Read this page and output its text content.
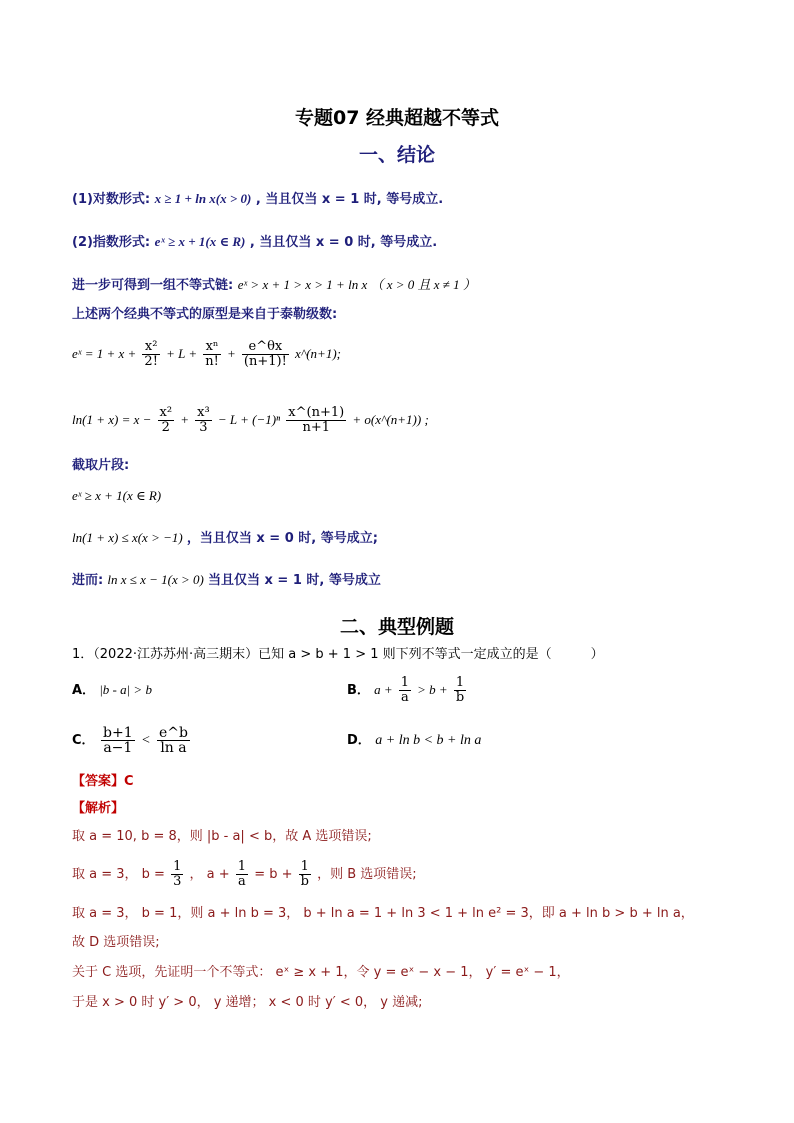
专题07 经典超越不等式
一、结论
(1)对数形式: x ≥ 1 + ln x(x > 0) , 当且仅当 x = 1 时, 等号成立.
(2)指数形式: eˣ ≥ x + 1(x ∈ R) , 当且仅当 x = 0 时, 等号成立.
进一步可得到一组不等式链: eˣ > x + 1 > x > 1 + ln x （ x > 0 且 x ≠ 1 ）
上述两个经典不等式的原型是来自于泰勒级数:
eˣ = $1 + x + \frac{\text{x²}}{2!} + L + \frac{\text{xⁿ}}{n!} + \frac{e\^{}\theta x}{(n+1)!}$ x^(n+1);
$\ln(1 + x) = x - \frac{\text{x²}}{2} + \frac{\text{x³}}{3} - L + (-1)^n \frac{x\^{}(n+1)}{n+1}$ + o(x^(n+1)) ;
截取片段:
eˣ ≥ x + 1(x ∈ R)
ln(1 + x) ≤ x(x > −1) ，当且仅当 x = 0 时, 等号成立;
进而: ln x ≤ x − 1(x > 0) 当且仅当 x = 1 时, 等号成立
二、典型例题
1．（2022·江苏苏州·高三期末）已知 a > b + 1 > 1 则下列不等式一定成立的是（　　　）
A． |b - a| > b	B． $a + \frac{1}{a} > b + \frac{1}{b}$
C． $\frac{b+1}{a-1} < \frac{e\^{}b}{\text{ln a}}$	D． a + ln b < b + ln a
【答案】C
【解析】
取 a = 10, b = 8，则 |b - a| < b，故 A 选项错误;
取 a = 3， $b = \frac{1}{3}$ ， $a + \frac{1}{a} = b + \frac{1}{b}$ ，则 B 选项错误;
取 a = 3， b = 1，则 a + ln b = 3， b + ln a = 1 + ln 3 < 1 + ln e² = 3，即 a + ln b > b + ln a，
故 D 选项错误;
关于 C 选项，先证明一个不等式： eˣ ≥ x + 1，令 y = eˣ − x − 1， y′ = eˣ − 1，
于是 x > 0 时 y′ > 0， y 递增； x < 0 时 y′ < 0， y 递减;
